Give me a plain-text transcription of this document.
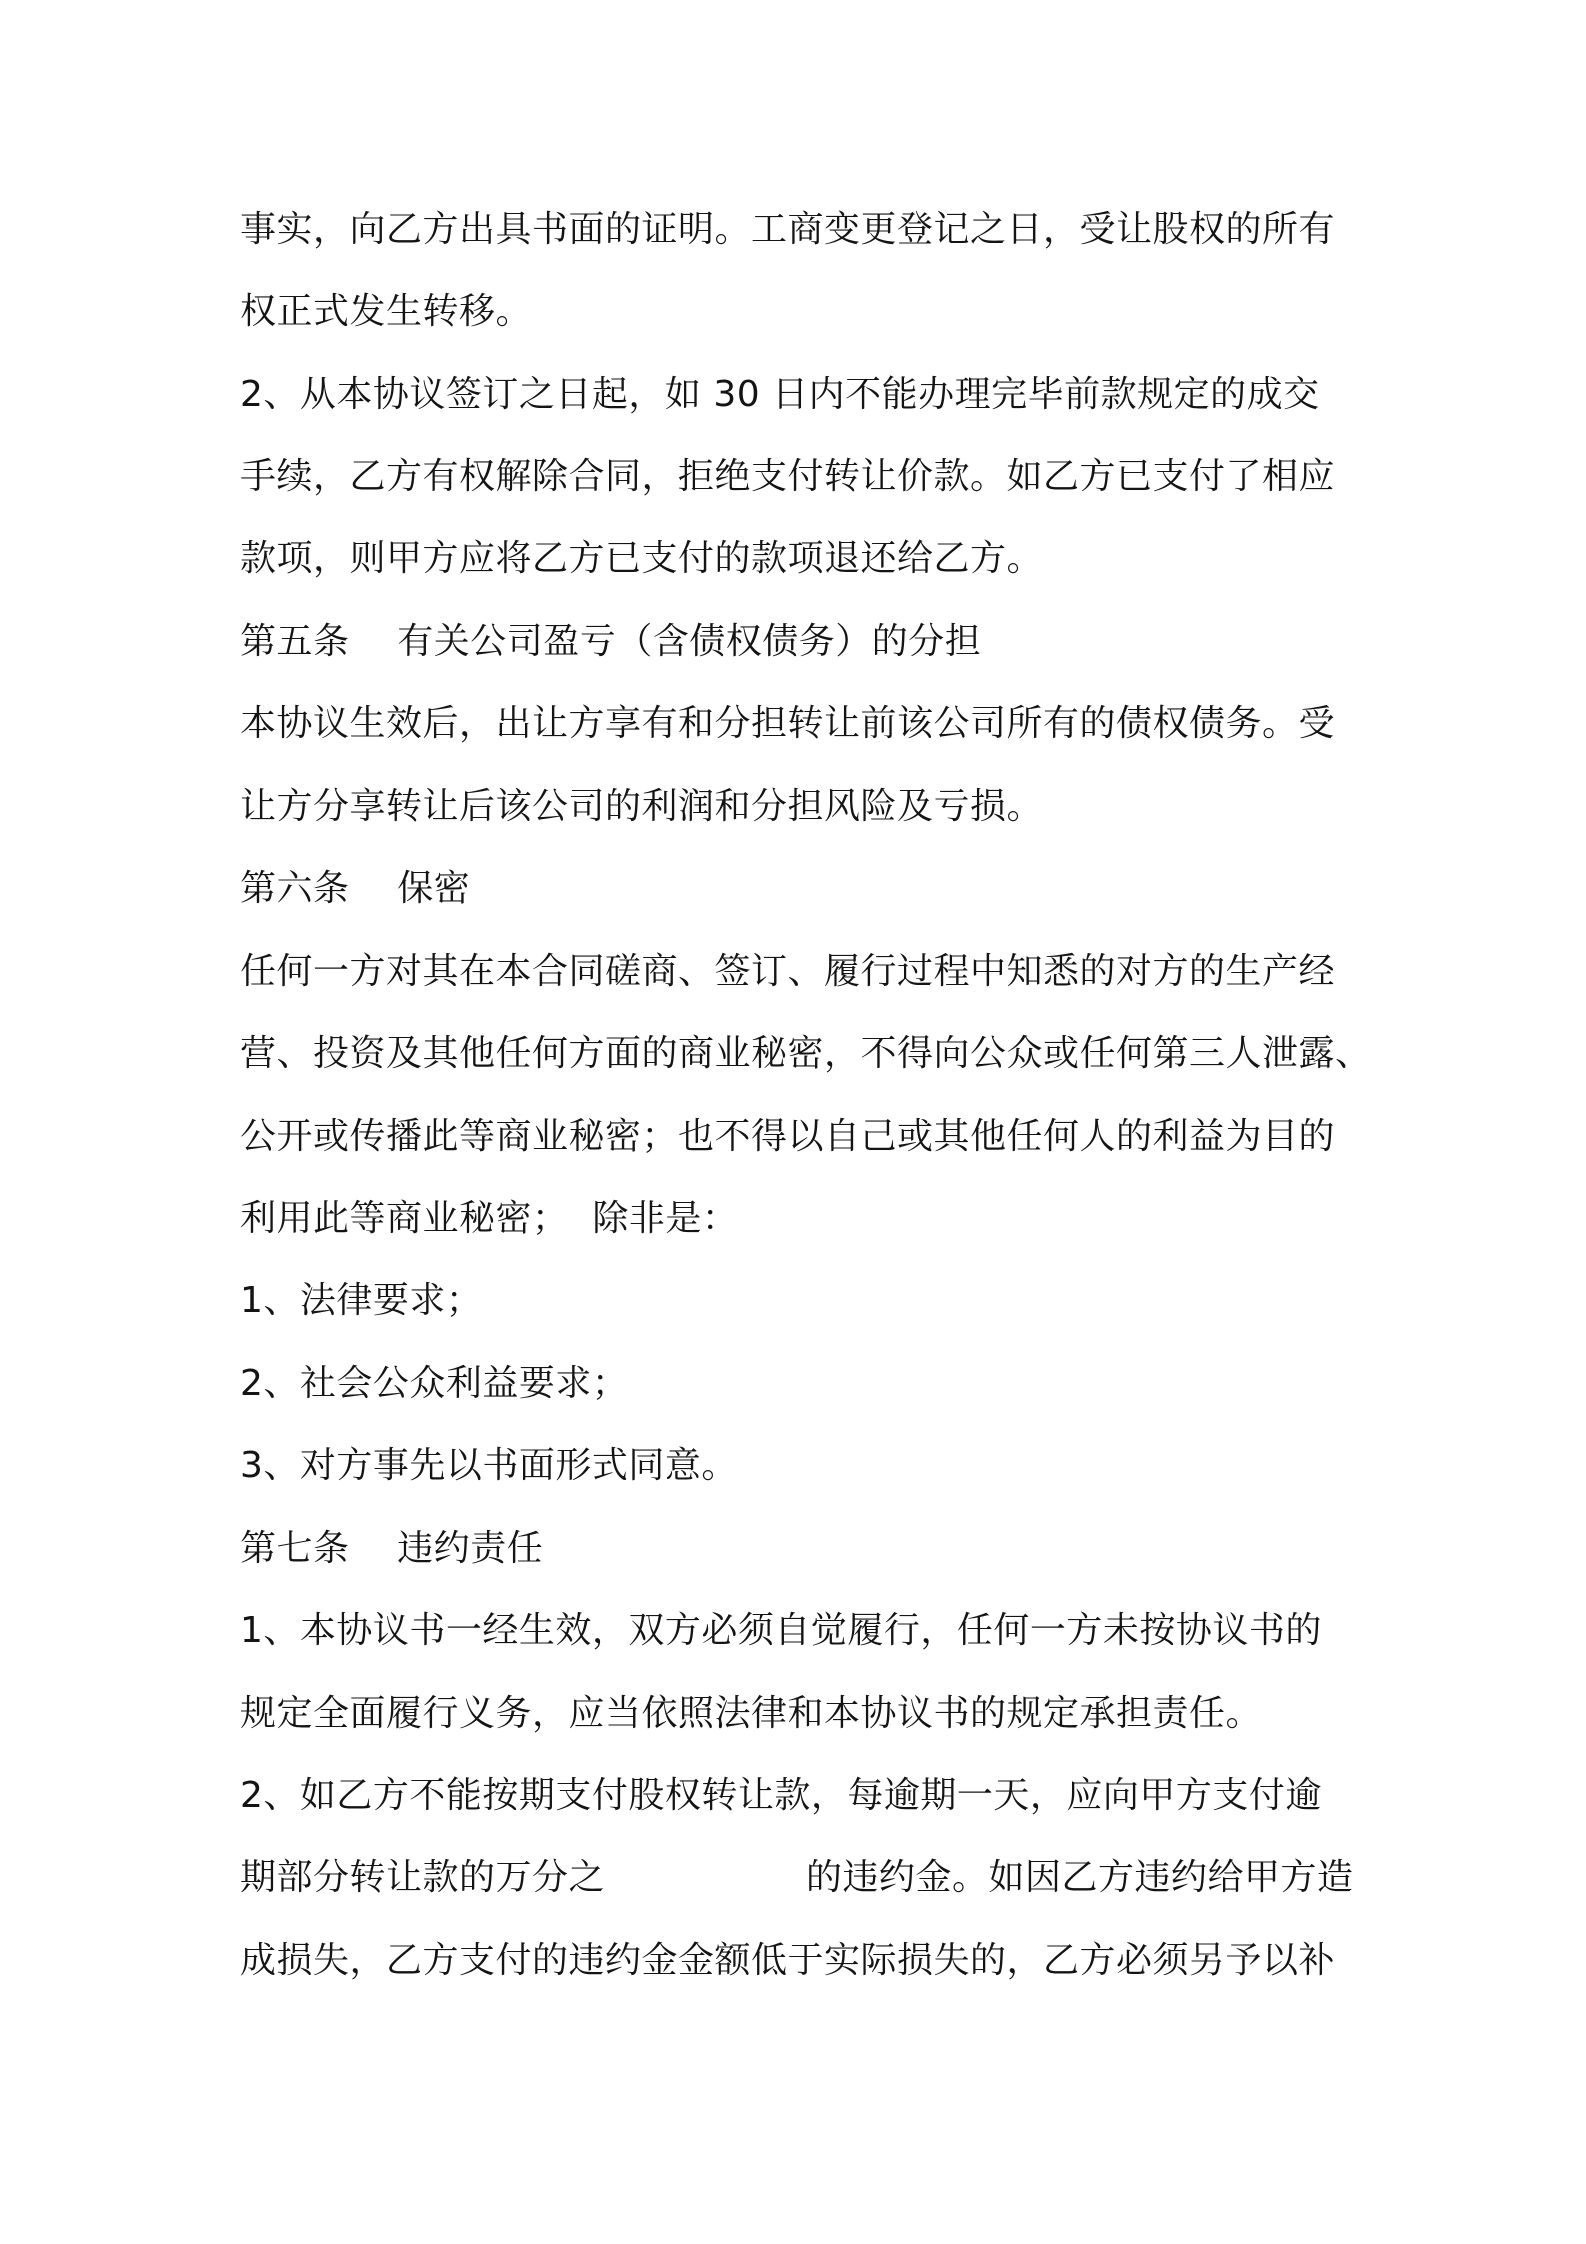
事实，向乙方出具书面的证明。工商变更登记之日，受让股权的所有
权正式发生转移。
2、从本协议签订之日起，如 30 日内不能办理完毕前款规定的成交
手续，乙方有权解除合同，拒绝支付转让价款。如乙方已支付了相应
款项，则甲方应将乙方已支付的款项退还给乙方。
第五条    有关公司盈亏（含债权债务）的分担
本协议生效后，出让方享有和分担转让前该公司所有的债权债务。受
让方分享转让后该公司的利润和分担风险及亏损。
第六条    保密
任何一方对其在本合同磋商、签订、履行过程中知悉的对方的生产经
营、投资及其他任何方面的商业秘密，不得向公众或任何第三人泄露、
公开或传播此等商业秘密；也不得以自己或其他任何人的利益为目的
利用此等商业秘密；  除非是：
1、法律要求；
2、社会公众利益要求；
3、对方事先以书面形式同意。
第七条    违约责任
1、本协议书一经生效，双方必须自觉履行，任何一方未按协议书的
规定全面履行义务，应当依照法律和本协议书的规定承担责任。
2、如乙方不能按期支付股权转让款，每逾期一天，应向甲方支付逾
期部分转让款的万分之	的违约金。如因乙方违约给甲方造
成损失，乙方支付的违约金金额低于实际损失的，乙方必须另予以补
